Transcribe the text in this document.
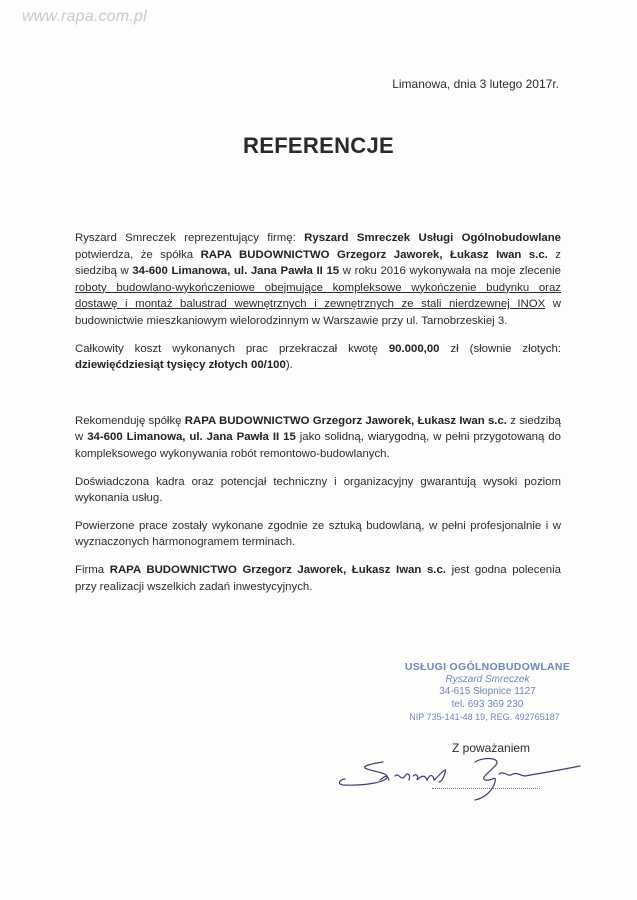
www.rapa.com.pl
Limanowa, dnia 3 lutego 2017r.
REFERENCJE

Ryszard Smreczek reprezentujący firmę: Ryszard Smreczek Usługi Ogólnobudowlane potwierdza, że spółka RAPA BUDOWNICTWO Grzegorz Jaworek, Łukasz Iwan s.c. z siedzibą w 34-600 Limanowa, ul. Jana Pawła II 15 w roku 2016 wykonywała na moje zlecenie roboty budowlano-wykończeniowe obejmujące kompleksowe wykończenie budynku oraz dostawę i montaż balustrad wewnętrznych i zewnętrznych ze stali nierdzewnej INOX w budownictwie mieszkaniowym wielorodzinnym w Warszawie przy ul. Tarnobrzeskiej 3.

Całkowity koszt wykonanych prac przekraczał kwotę 90.000,00 zł (słownie złotych: dziewięćdziesiąt tysięcy złotych 00/100).

Rekomenduję spółkę RAPA BUDOWNICTWO Grzegorz Jaworek, Łukasz Iwan s.c. z siedzibą w 34-600 Limanowa, ul. Jana Pawła II 15 jako solidną, wiarygodną, w pełni przygotowaną do kompleksowego wykonywania robót remontowo-budowlanych.

Doświadczona kadra oraz potencjał techniczny i organizacyjny gwarantują wysoki poziom wykonania usług.

Powierzone prace zostały wykonane zgodnie ze sztuką budowlaną, w pełni profesjonalnie i w wyznaczonych harmonogramem terminach.

Firma RAPA BUDOWNICTWO Grzegorz Jaworek, Łukasz Iwan s.c. jest godna polecenia przy realizacji wszelkich zadań inwestycyjnych.

USŁUGI OGÓLNOBUDOWLANE
Ryszard Smreczek
34-615 Słopnice 1127
tel. 693 369 230
NIP 735-141-48 19, REG. 492765187
Z poważaniem
